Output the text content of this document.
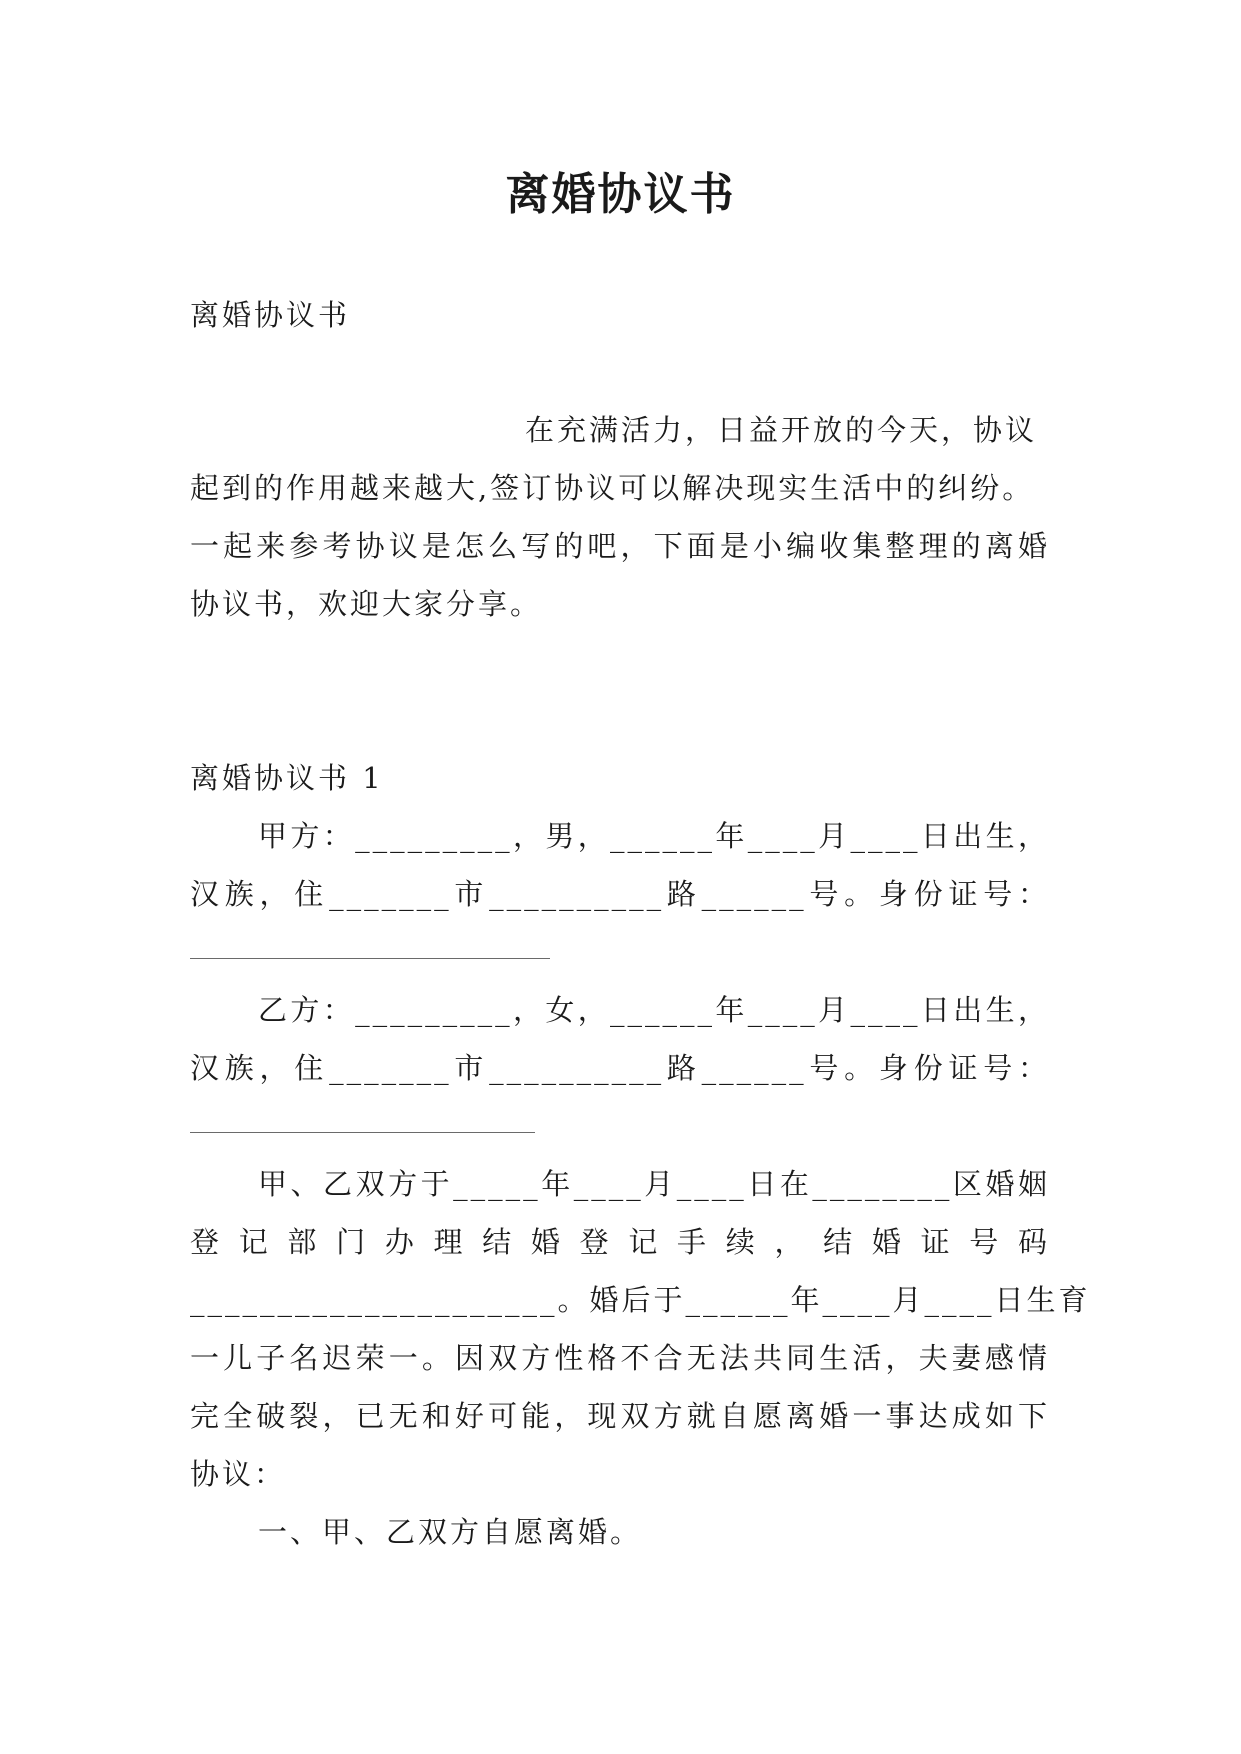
离婚协议书
离婚协议书
在充满活力，日益开放的今天，协议
起到的作用越来越大,签订协议可以解决现实生活中的纠纷。
一起来参考协议是怎么写的吧，下面是小编收集整理的离婚
协议书，欢迎大家分享。
离婚协议书 1
甲方：_________，男，______年____月____日出生，
汉族，住_______市__________路______号。身份证号：
乙方：_________，女，______年____月____日出生，
汉族，住_______市__________路______号。身份证号：
甲、乙双方于_____年____月____日在________区婚姻
登记部门办理结婚登记手续，结婚证号码
_____________________。婚后于______年____月____日生育
一儿子名迟荣一。因双方性格不合无法共同生活，夫妻感情
完全破裂，已无和好可能，现双方就自愿离婚一事达成如下
协议：
一、甲、乙双方自愿离婚。
